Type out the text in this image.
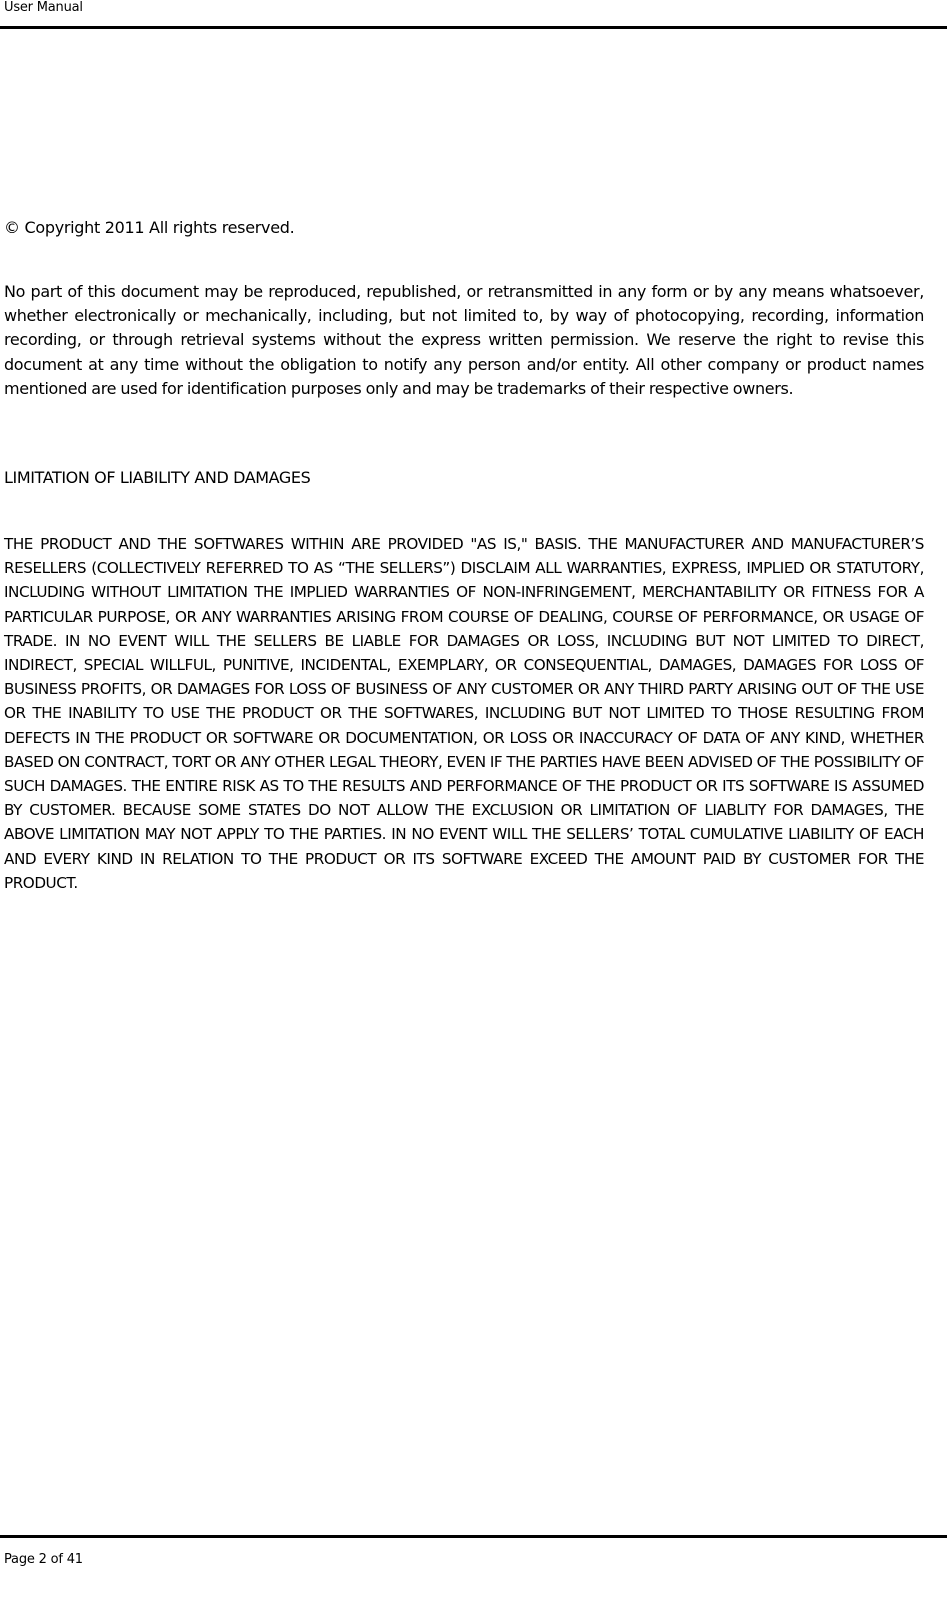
User Manual
© Copyright 2011 All rights reserved.

No part of this document may be reproduced, republished, or retransmitted in any form or by any means whatsoever, whether electronically or mechanically, including, but not limited to, by way of photocopying, recording, information recording, or through retrieval systems without the express written permission. We reserve the right to revise this document at any time without the obligation to notify any person and/or entity. All other company or product names mentioned are used for identification purposes only and may be trademarks of their respective owners.

LIMITATION OF LIABILITY AND DAMAGES

THE PRODUCT AND THE SOFTWARES WITHIN ARE PROVIDED "AS IS," BASIS. THE MANUFACTURER AND MANUFACTURER’S RESELLERS (COLLECTIVELY REFERRED TO AS “THE SELLERS”) DISCLAIM ALL WARRANTIES, EXPRESS, IMPLIED OR STATUTORY, INCLUDING WITHOUT LIMITATION THE IMPLIED WARRANTIES OF NON-INFRINGEMENT, MERCHANTABILITY OR FITNESS FOR A PARTICULAR PURPOSE, OR ANY WARRANTIES ARISING FROM COURSE OF DEALING, COURSE OF PERFORMANCE, OR USAGE OF TRADE. IN NO EVENT WILL THE SELLERS BE LIABLE FOR DAMAGES OR LOSS, INCLUDING BUT NOT LIMITED TO DIRECT, INDIRECT, SPECIAL WILLFUL, PUNITIVE, INCIDENTAL, EXEMPLARY, OR CONSEQUENTIAL, DAMAGES, DAMAGES FOR LOSS OF BUSINESS PROFITS, OR DAMAGES FOR LOSS OF BUSINESS OF ANY CUSTOMER OR ANY THIRD PARTY ARISING OUT OF THE USE OR THE INABILITY TO USE THE PRODUCT OR THE SOFTWARES, INCLUDING BUT NOT LIMITED TO THOSE RESULTING FROM DEFECTS IN THE PRODUCT OR SOFTWARE OR DOCUMENTATION, OR LOSS OR INACCURACY OF DATA OF ANY KIND, WHETHER BASED ON CONTRACT, TORT OR ANY OTHER LEGAL THEORY, EVEN IF THE PARTIES HAVE BEEN ADVISED OF THE POSSIBILITY OF SUCH DAMAGES. THE ENTIRE RISK AS TO THE RESULTS AND PERFORMANCE OF THE PRODUCT OR ITS SOFTWARE IS ASSUMED BY CUSTOMER. BECAUSE SOME STATES DO NOT ALLOW THE EXCLUSION OR LIMITATION OF LIABLITY FOR DAMAGES, THE ABOVE LIMITATION MAY NOT APPLY TO THE PARTIES. IN NO EVENT WILL THE SELLERS’ TOTAL CUMULATIVE LIABILITY OF EACH AND EVERY KIND IN RELATION TO THE PRODUCT OR ITS SOFTWARE EXCEED THE AMOUNT PAID BY CUSTOMER FOR THE PRODUCT.

Page 2 of 41
